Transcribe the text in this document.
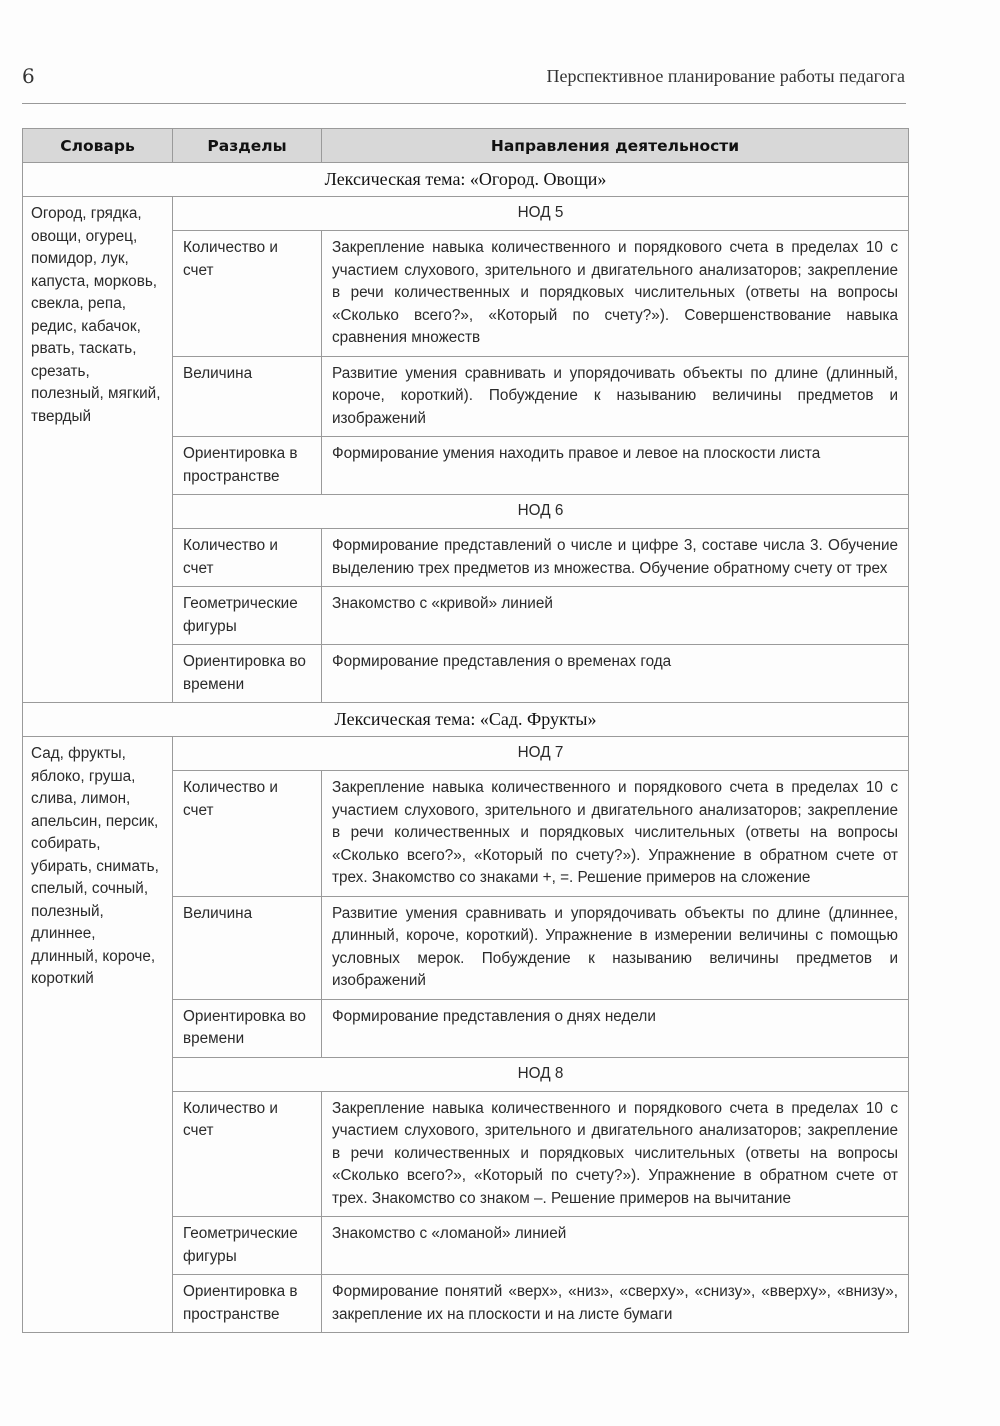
6	Перспективное планирование работы педагога
Словарь	Разделы	Направления деятельности
Лексическая тема: «Огород. Овощи»		
Огород, грядка, овощи, огурец, помидор, лук, капуста, морковь, свекла, репа, редис, кабачок, рвать, таскать, срезать, полезный, мягкий, твердый	НОД 5	
	Количество и счет	Закрепление навыка количественного и порядкового счета в пределах 10 с участием слухового, зрительного и двигательного анализаторов; закрепление в речи количественных и порядковых числительных (ответы на вопросы «Сколько всего?», «Который по счету?»). Совершенствование навыка сравнения множеств
	Величина	Развитие умения сравнивать и упорядочивать объекты по длине (длинный, короче, короткий). Побуждение к называнию величины предметов и изображений
	Ориентировка в пространстве	Формирование умения находить правое и левое на плоскости листа
	НОД 6	
	Количество и счет	Формирование представлений о числе и цифре 3, составе числа 3. Обучение выделению трех предметов из множества. Обучение обратному счету от трех
	Геометрические фигуры	Знакомство с «кривой» линией
	Ориентировка во времени	Формирование представления о временах года
Лексическая тема: «Сад. Фрукты»		
Сад, фрукты, яблоко, груша, слива, лимон, апельсин, персик, собирать, убирать, снимать, спелый, сочный, полезный, длиннее, длинный, короче, короткий	НОД 7	
	Количество и счет	Закрепление навыка количественного и порядкового счета в пределах 10 с участием слухового, зрительного и двигательного анализаторов; закрепление в речи количественных и порядковых числительных (ответы на вопросы «Сколько всего?», «Который по счету?»). Упражнение в обратном счете от трех. Знакомство со знаками +, =. Решение примеров на сложение
	Величина	Развитие умения сравнивать и упорядочивать объекты по длине (длиннее, длинный, короче, короткий). Упражнение в измерении величины с помощью условных мерок. Побуждение к называнию величины предметов и изображений
	Ориентировка во времени	Формирование представления о днях недели
	НОД 8	
	Количество и счет	Закрепление навыка количественного и порядкового счета в пределах 10 с участием слухового, зрительного и двигательного анализаторов; закрепление в речи количественных и порядковых числительных (ответы на вопросы «Сколько всего?», «Который по счету?»). Упражнение в обратном счете от трех. Знакомство со знаком –. Решение примеров на вычитание
	Геометрические фигуры	Знакомство с «ломаной» линией
	Ориентировка в пространстве	Формирование понятий «верх», «низ», «сверху», «снизу», «вверху», «внизу», закрепление их на плоскости и на листе бумаги
